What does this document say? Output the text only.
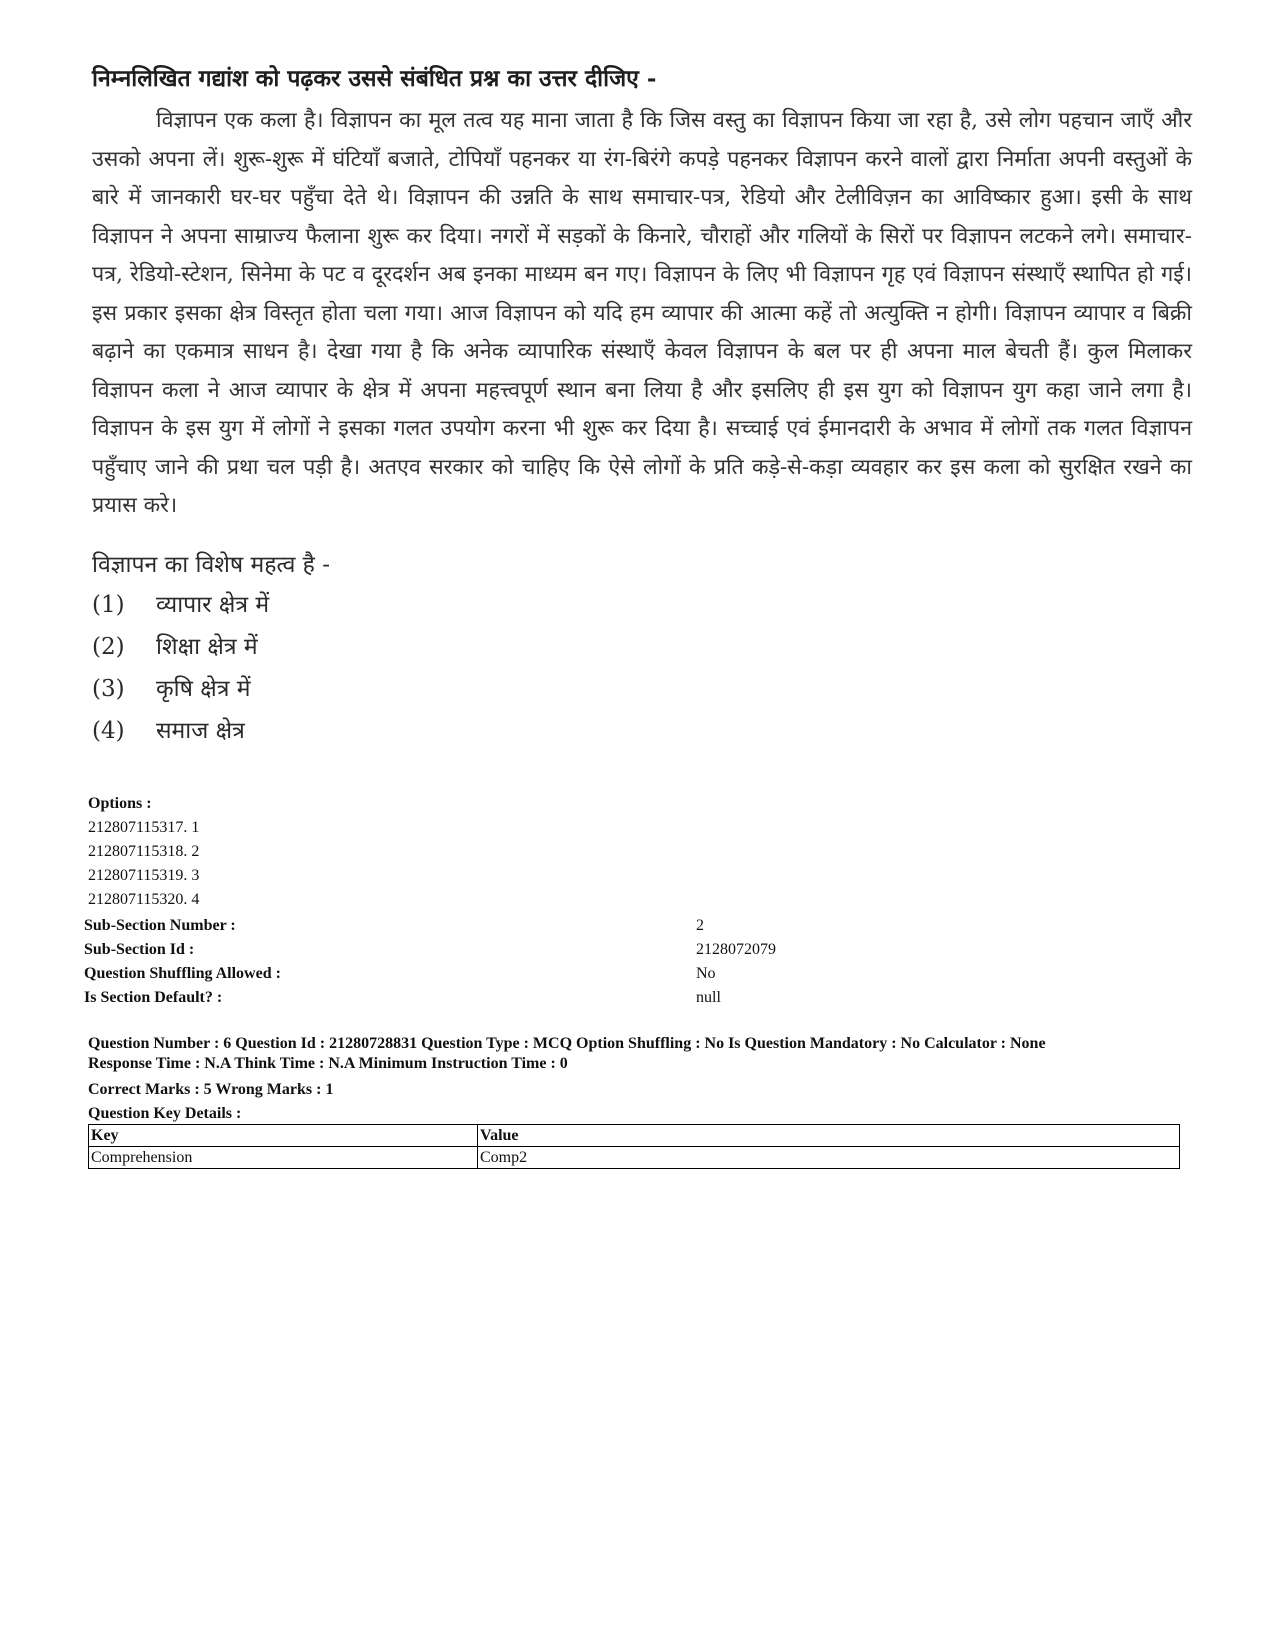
निम्नलिखित गद्यांश को पढ़कर उससे संबंधित प्रश्न का उत्तर दीजिए -

विज्ञापन एक कला है। विज्ञापन का मूल तत्व यह माना जाता है कि जिस वस्तु का विज्ञापन किया जा रहा है, उसे लोग पहचान जाएँ और उसको अपना लें। शुरू-शुरू में घंटियाँ बजाते, टोपियाँ पहनकर या रंग-बिरंगे कपड़े पहनकर विज्ञापन करने वालों द्वारा निर्माता अपनी वस्तुओं के बारे में जानकारी घर-घर पहुँचा देते थे। विज्ञापन की उन्नति के साथ समाचार-पत्र, रेडियो और टेलीविज़न का आविष्कार हुआ। इसी के साथ विज्ञापन ने अपना साम्राज्य फैलाना शुरू कर दिया। नगरों में सड़कों के किनारे, चौराहों और गलियों के सिरों पर विज्ञापन लटकने लगे। समाचार-पत्र, रेडियो-स्टेशन, सिनेमा के पट व दूरदर्शन अब इनका माध्यम बन गए। विज्ञापन के लिए भी विज्ञापन गृह एवं विज्ञापन संस्थाएँ स्थापित हो गई। इस प्रकार इसका क्षेत्र विस्तृत होता चला गया। आज विज्ञापन को यदि हम व्यापार की आत्मा कहें तो अत्युक्ति न होगी। विज्ञापन व्यापार व बिक्री बढ़ाने का एकमात्र साधन है। देखा गया है कि अनेक व्यापारिक संस्थाएँ केवल विज्ञापन के बल पर ही अपना माल बेचती हैं। कुल मिलाकर विज्ञापन कला ने आज व्यापार के क्षेत्र में अपना महत्त्वपूर्ण स्थान बना लिया है और इसलिए ही इस युग को विज्ञापन युग कहा जाने लगा है। विज्ञापन के इस युग में लोगों ने इसका गलत उपयोग करना भी शुरू कर दिया है। सच्चाई एवं ईमानदारी के अभाव में लोगों तक गलत विज्ञापन पहुँचाए जाने की प्रथा चल पड़ी है। अतएव सरकार को चाहिए कि ऐसे लोगों के प्रति कड़े-से-कड़ा व्यवहार कर इस कला को सुरक्षित रखने का प्रयास करे।

विज्ञापन का विशेष महत्व है -

(1)	व्यापार क्षेत्र में
(2)	शिक्षा क्षेत्र में
(3)	कृषि क्षेत्र में
(4)	समाज क्षेत्र
Options :
212807115317. 1
212807115318. 2
212807115319. 3
212807115320. 4
Sub-Section Number :	2
Sub-Section Id :	2128072079
Question Shuffling Allowed :	No
Is Section Default? :	null

Question Number : 6 Question Id : 21280728831 Question Type : MCQ Option Shuffling : No Is Question Mandatory : No Calculator : None

Response Time : N.A Think Time : N.A Minimum Instruction Time : 0

Correct Marks : 5 Wrong Marks : 1

Question Key Details :

Key	Value
Comprehension	Comp2
